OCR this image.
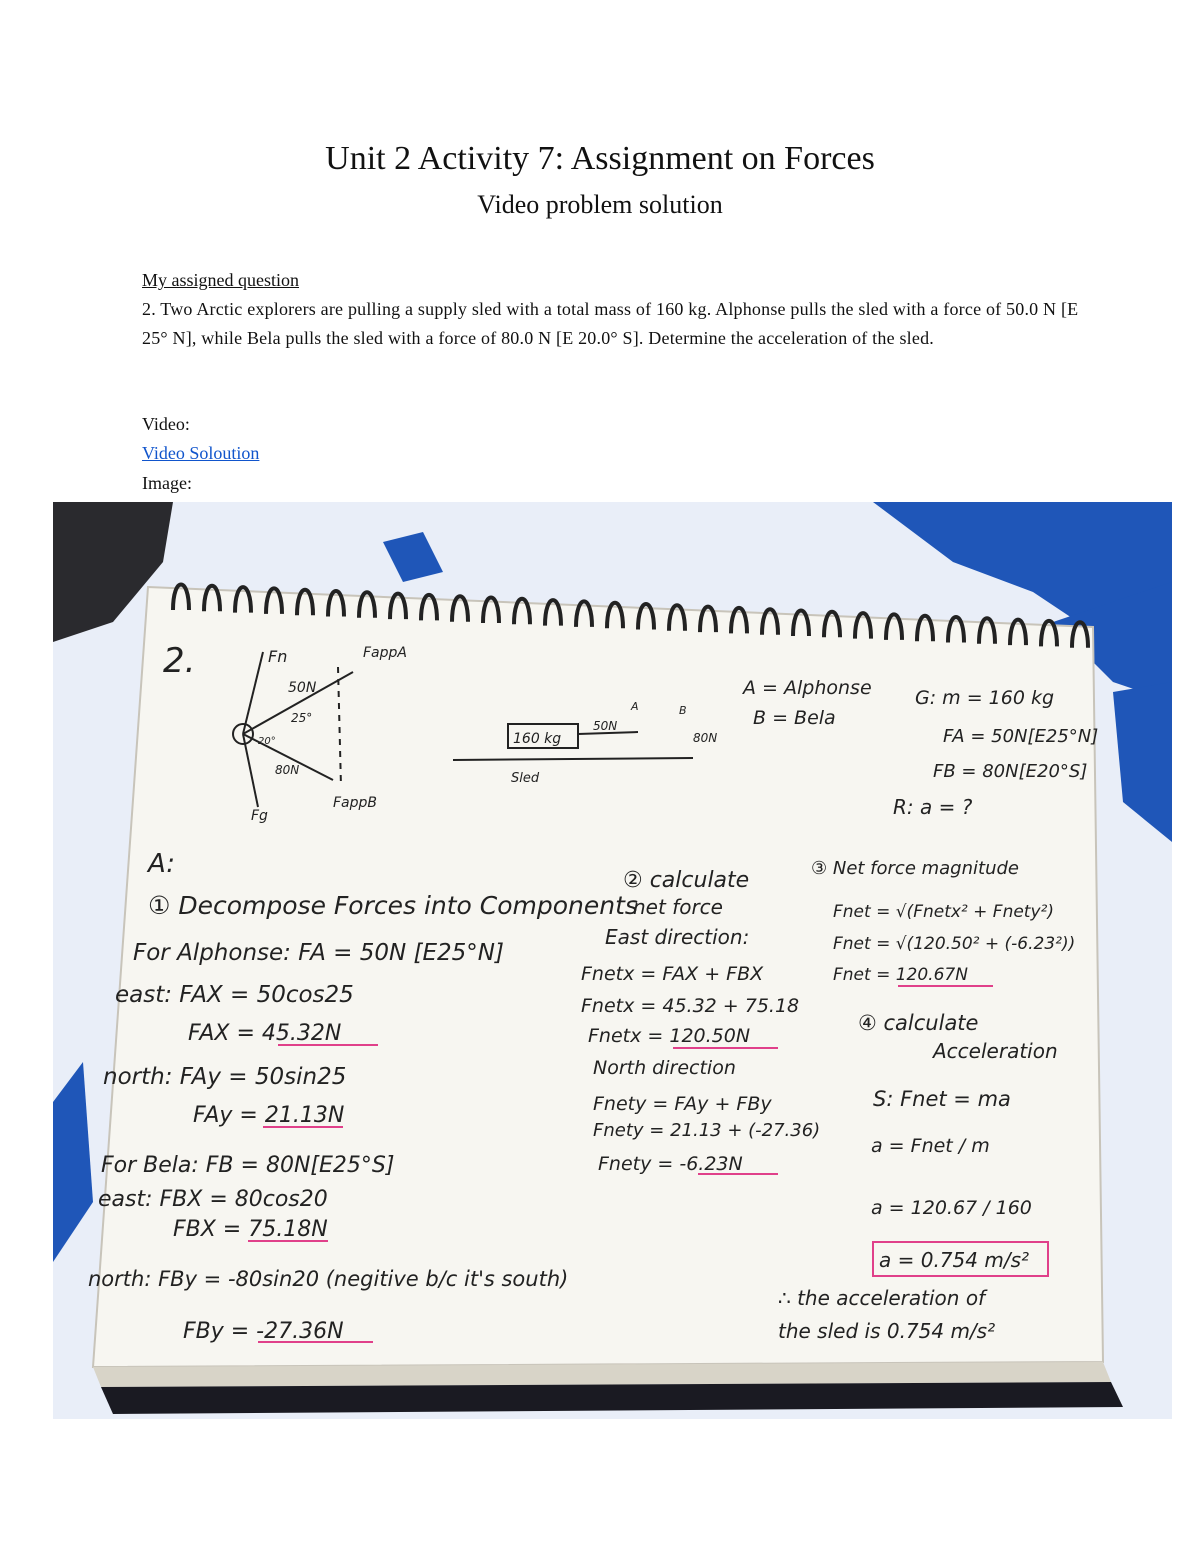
Unit 2 Activity 7: Assignment on Forces
Video problem solution
My assigned question
2. Two Arctic explorers are pulling a supply sled with a total mass of 160 kg. Alphonse pulls the sled with a force of 50.0 N [E 25° N], while Bela pulls the sled with a force of 80.0 N [E 20.0° S]. Determine the acceleration of the sled.
Video:
Video Soloution
Image:
2.	Fn	FappA
50N
25°
20°
80N
FappB
Fg
160 kg
Sled
50N
80N
A	B
A = Alphonse
B = Bela
G: m = 160 kg
FA = 50N[E25°N]
FB = 80N[E20°S]
R: a = ?
A:
① Decompose Forces into Components
For Alphonse: FA = 50N [E25°N]
east: FAX = 50cos25
FAX = 45.32N
north: FAy = 50sin25
FAy = 21.13N
For Bela: FB = 80N[E25°S]
east: FBX = 80cos20
FBX = 75.18N
north: FBy = -80sin20 (negitive b/c it's south)
FBy = -27.36N
② calculate
net force
East direction:
Fnetx = FAX + FBX
Fnetx = 45.32 + 75.18
Fnetx = 120.50N
North direction
Fnety = FAy + FBy
Fnety = 21.13 + (-27.36)
Fnety = -6.23N
③ Net force magnitude
Fnet = √(Fnetx² + Fnety²)
Fnet = √(120.50² + (-6.23²))
Fnet = 120.67N
④ calculate
Acceleration
S: Fnet = ma
a = Fnet / m
a = 120.67 / 160
a = 0.754 m/s²
∴ the acceleration of
the sled is 0.754 m/s²
